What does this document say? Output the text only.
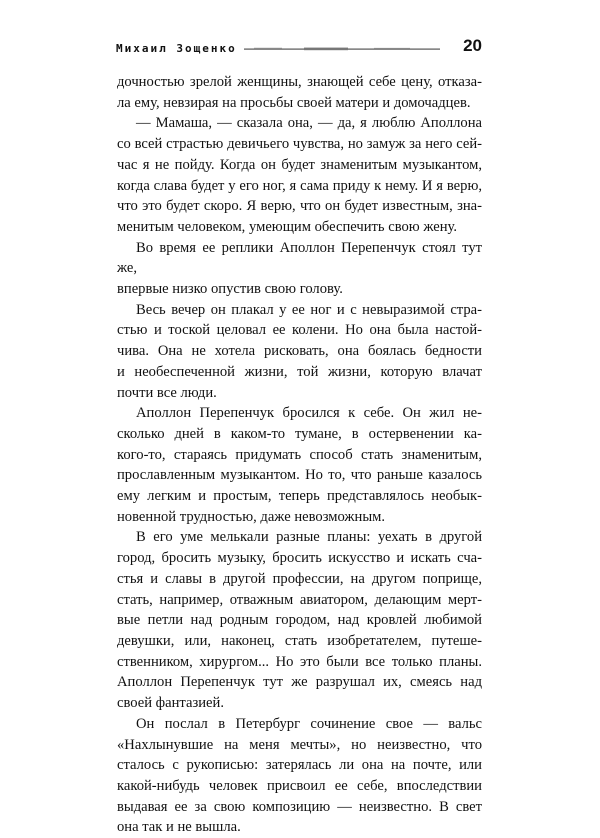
Михаил Зощенко	20

дочностью зрелой женщины, знающей себе цену, отказа-
ла ему, невзирая на просьбы своей матери и домочадцев.

— Мамаша, — сказала она, — да, я люблю Аполлона
со всей страстью девичьего чувства, но замуж за него сей-
час я не пойду. Когда он будет знаменитым музыкантом,
когда слава будет у его ног, я сама приду к нему. И я верю,
что это будет скоро. Я верю, что он будет известным, зна-
менитым человеком, умеющим обеспечить свою жену.

Во время ее реплики Аполлон Перепенчук стоял тут же,
впервые низко опустив свою голову.

Весь вечер он плакал у ее ног и с невыразимой стра-
стью и тоской целовал ее колени. Но она была настой-
чива. Она не хотела рисковать, она боялась бедности
и необеспеченной жизни, той жизни, которую влачат
почти все люди.

Аполлон Перепенчук бросился к себе. Он жил не-
сколько дней в каком-то тумане, в остервенении ка-
кого-то, стараясь придумать способ стать знаменитым,
прославленным музыкантом. Но то, что раньше казалось
ему легким и простым, теперь представлялось необык-
новенной трудностью, даже невозможным.

В его уме мелькали разные планы: уехать в другой
город, бросить музыку, бросить искусство и искать сча-
стья и славы в другой профессии, на другом поприще,
стать, например, отважным авиатором, делающим мерт-
вые петли над родным городом, над кровлей любимой
девушки, или, наконец, стать изобретателем, путеше-
ственником, хирургом... Но это были все только планы.
Аполлон Перепенчук тут же разрушал их, смеясь над
своей фантазией.

Он послал в Петербург сочинение свое — вальс
«Нахлынувшие на меня мечты», но неизвестно, что
сталось с рукописью: затерялась ли она на почте, или
какой-нибудь человек присвоил ее себе, впоследствии
выдавая ее за свою композицию — неизвестно. В свет
она так и не вышла.
